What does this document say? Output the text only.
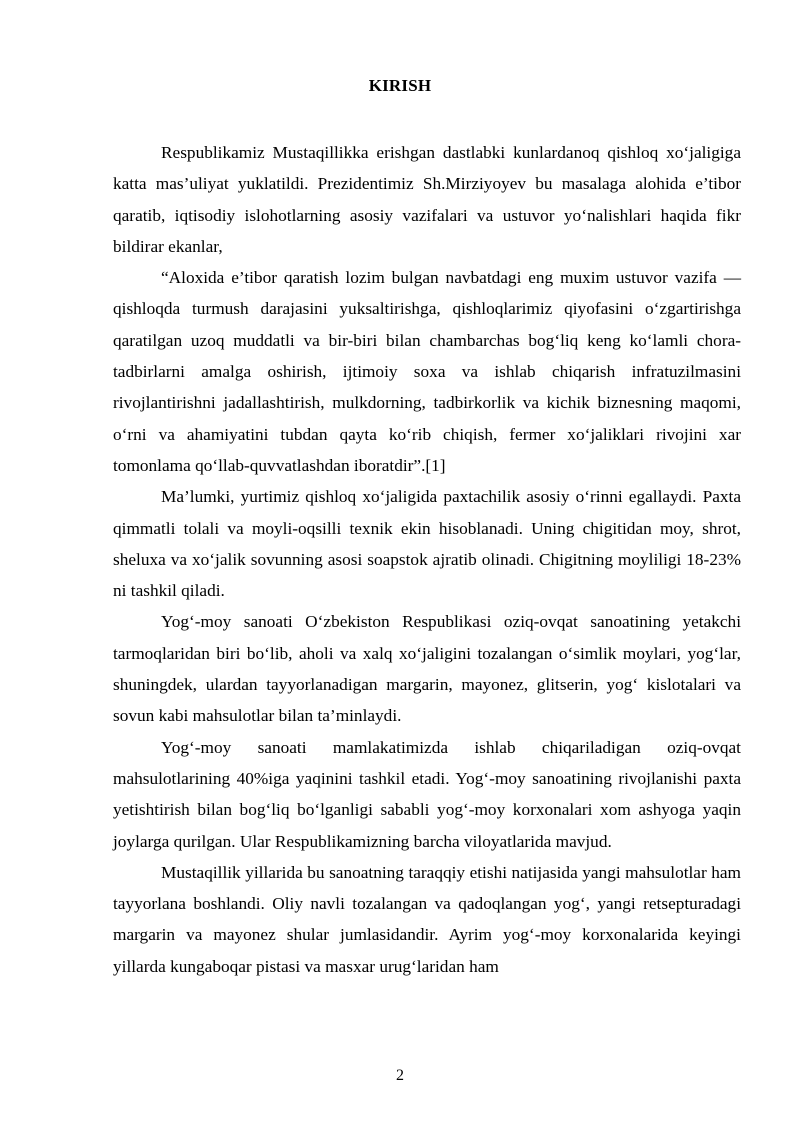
KIRISH

Respublikamiz Mustaqillikka erishgan dastlabki kunlardanoq qishloq xo‘jaligiga katta mas’uliyat yuklatildi. Prezidentimiz Sh.Mirziyoyev bu masalaga alohida e’tibor qaratib, iqtisodiy islohotlarning asosiy vazifalari va ustuvor yo‘nalishlari haqida fikr bildirar ekanlar,

“Aloxida e’tibor qaratish lozim bulgan navbatdagi eng muxim ustuvor vazifa — qishloqda turmush darajasini yuksaltirishga, qishloqlarimiz qiyofasini o‘zgartirishga qaratilgan uzoq muddatli va bir-biri bilan chambarchas bog‘liq keng ko‘lamli chora-tadbirlarni amalga oshirish, ijtimoiy soxa va ishlab chiqarish infratuzilmasini rivojlantirishni jadallashtirish, mulkdorning, tadbirkorlik va kichik biznesning maqomi, o‘rni va ahamiyatini tubdan qayta ko‘rib chiqish, fermer xo‘jaliklari rivojini xar tomonlama qo‘llab-quvvatlashdan iboratdir”.[1]

Ma’lumki, yurtimiz qishloq xo‘jaligida paxtachilik asosiy o‘rinni egallaydi. Paxta qimmatli tolali va moyli-oqsilli texnik ekin hisoblanadi. Uning chigitidan moy, shrot, sheluxa va xo‘jalik sovunning asosi soapstok ajratib olinadi. Chigitning moyliligi 18-23% ni tashkil qiladi.

Yog‘-moy sanoati O‘zbekiston Respublikasi oziq-ovqat sanoatining yetakchi tarmoqlaridan biri bo‘lib, aholi va xalq xo‘jaligini tozalangan o‘simlik moylari, yog‘lar, shuningdek, ulardan tayyorlanadigan margarin, mayonez, glitserin, yog‘ kislotalari va sovun kabi mahsulotlar bilan ta’minlaydi.

Yog‘-moy sanoati mamlakatimizda ishlab chiqariladigan oziq-ovqat mahsulotlarining 40%iga yaqinini tashkil etadi. Yog‘-moy sanoatining rivojlanishi paxta yetishtirish bilan bog‘liq bo‘lganligi sababli yog‘-moy korxonalari xom ashyoga yaqin joylarga qurilgan. Ular Respublikamizning barcha viloyatlarida mavjud.

Mustaqillik yillarida bu sanoatning taraqqiy etishi natijasida yangi mahsulotlar ham tayyorlana boshlandi. Oliy navli tozalangan va qadoqlangan yog‘, yangi retsepturadagi margarin va mayonez shular jumlasidandir. Ayrim yog‘-moy korxonalarida keyingi yillarda kungaboqar pistasi va masxar urug‘laridan ham

2
